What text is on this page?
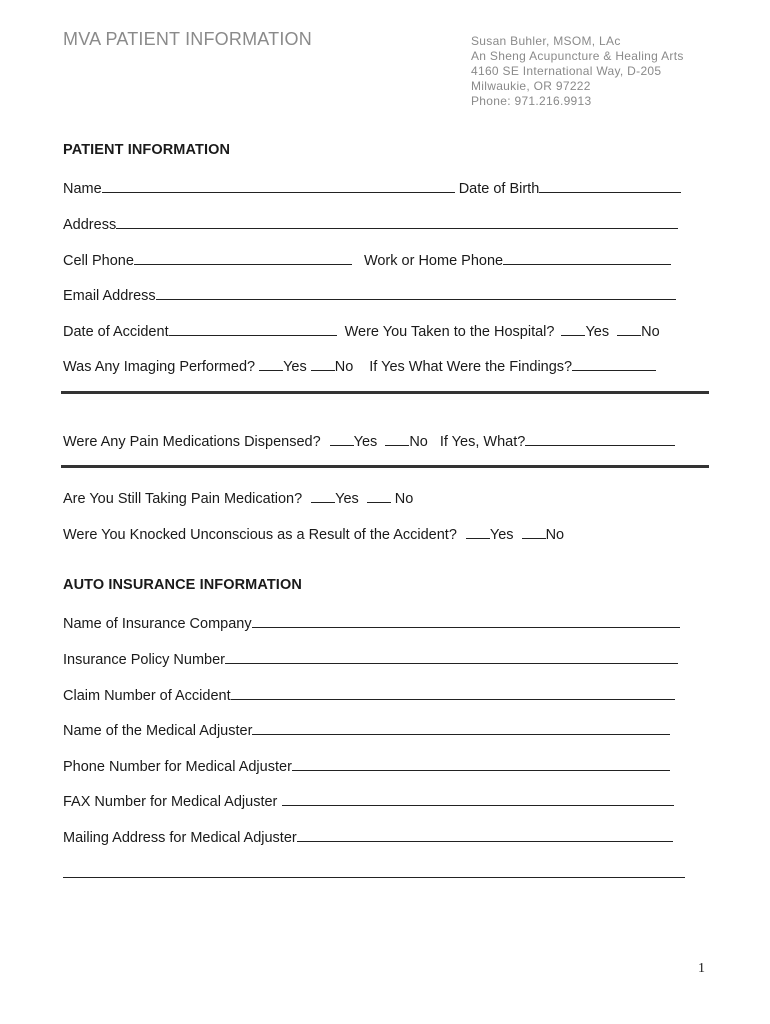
MVA PATIENT INFORMATION	Susan Buhler, MSOM, LAc
An Sheng Acupuncture & Healing Arts
4160 SE International Way, D-205
Milwaukie, OR 97222
Phone: 971.216.9913
PATIENT INFORMATION
Name	Date of Birth
Address
Cell Phone	Work or Home Phone
Email Address
Date of Accident	Were You Taken to the Hospital? Yes No
Was Any Imaging Performed? Yes No If Yes What Were the Findings?
Were Any Pain Medications Dispensed? Yes No If Yes, What?
Are You Still Taking Pain Medication? Yes No
Were You Knocked Unconscious as a Result of the Accident? Yes No
AUTO INSURANCE INFORMATION
Name of Insurance Company
Insurance Policy Number
Claim Number of Accident
Name of the Medical Adjuster
Phone Number for Medical Adjuster
FAX Number for Medical Adjuster
Mailing Address for Medical Adjuster
1
